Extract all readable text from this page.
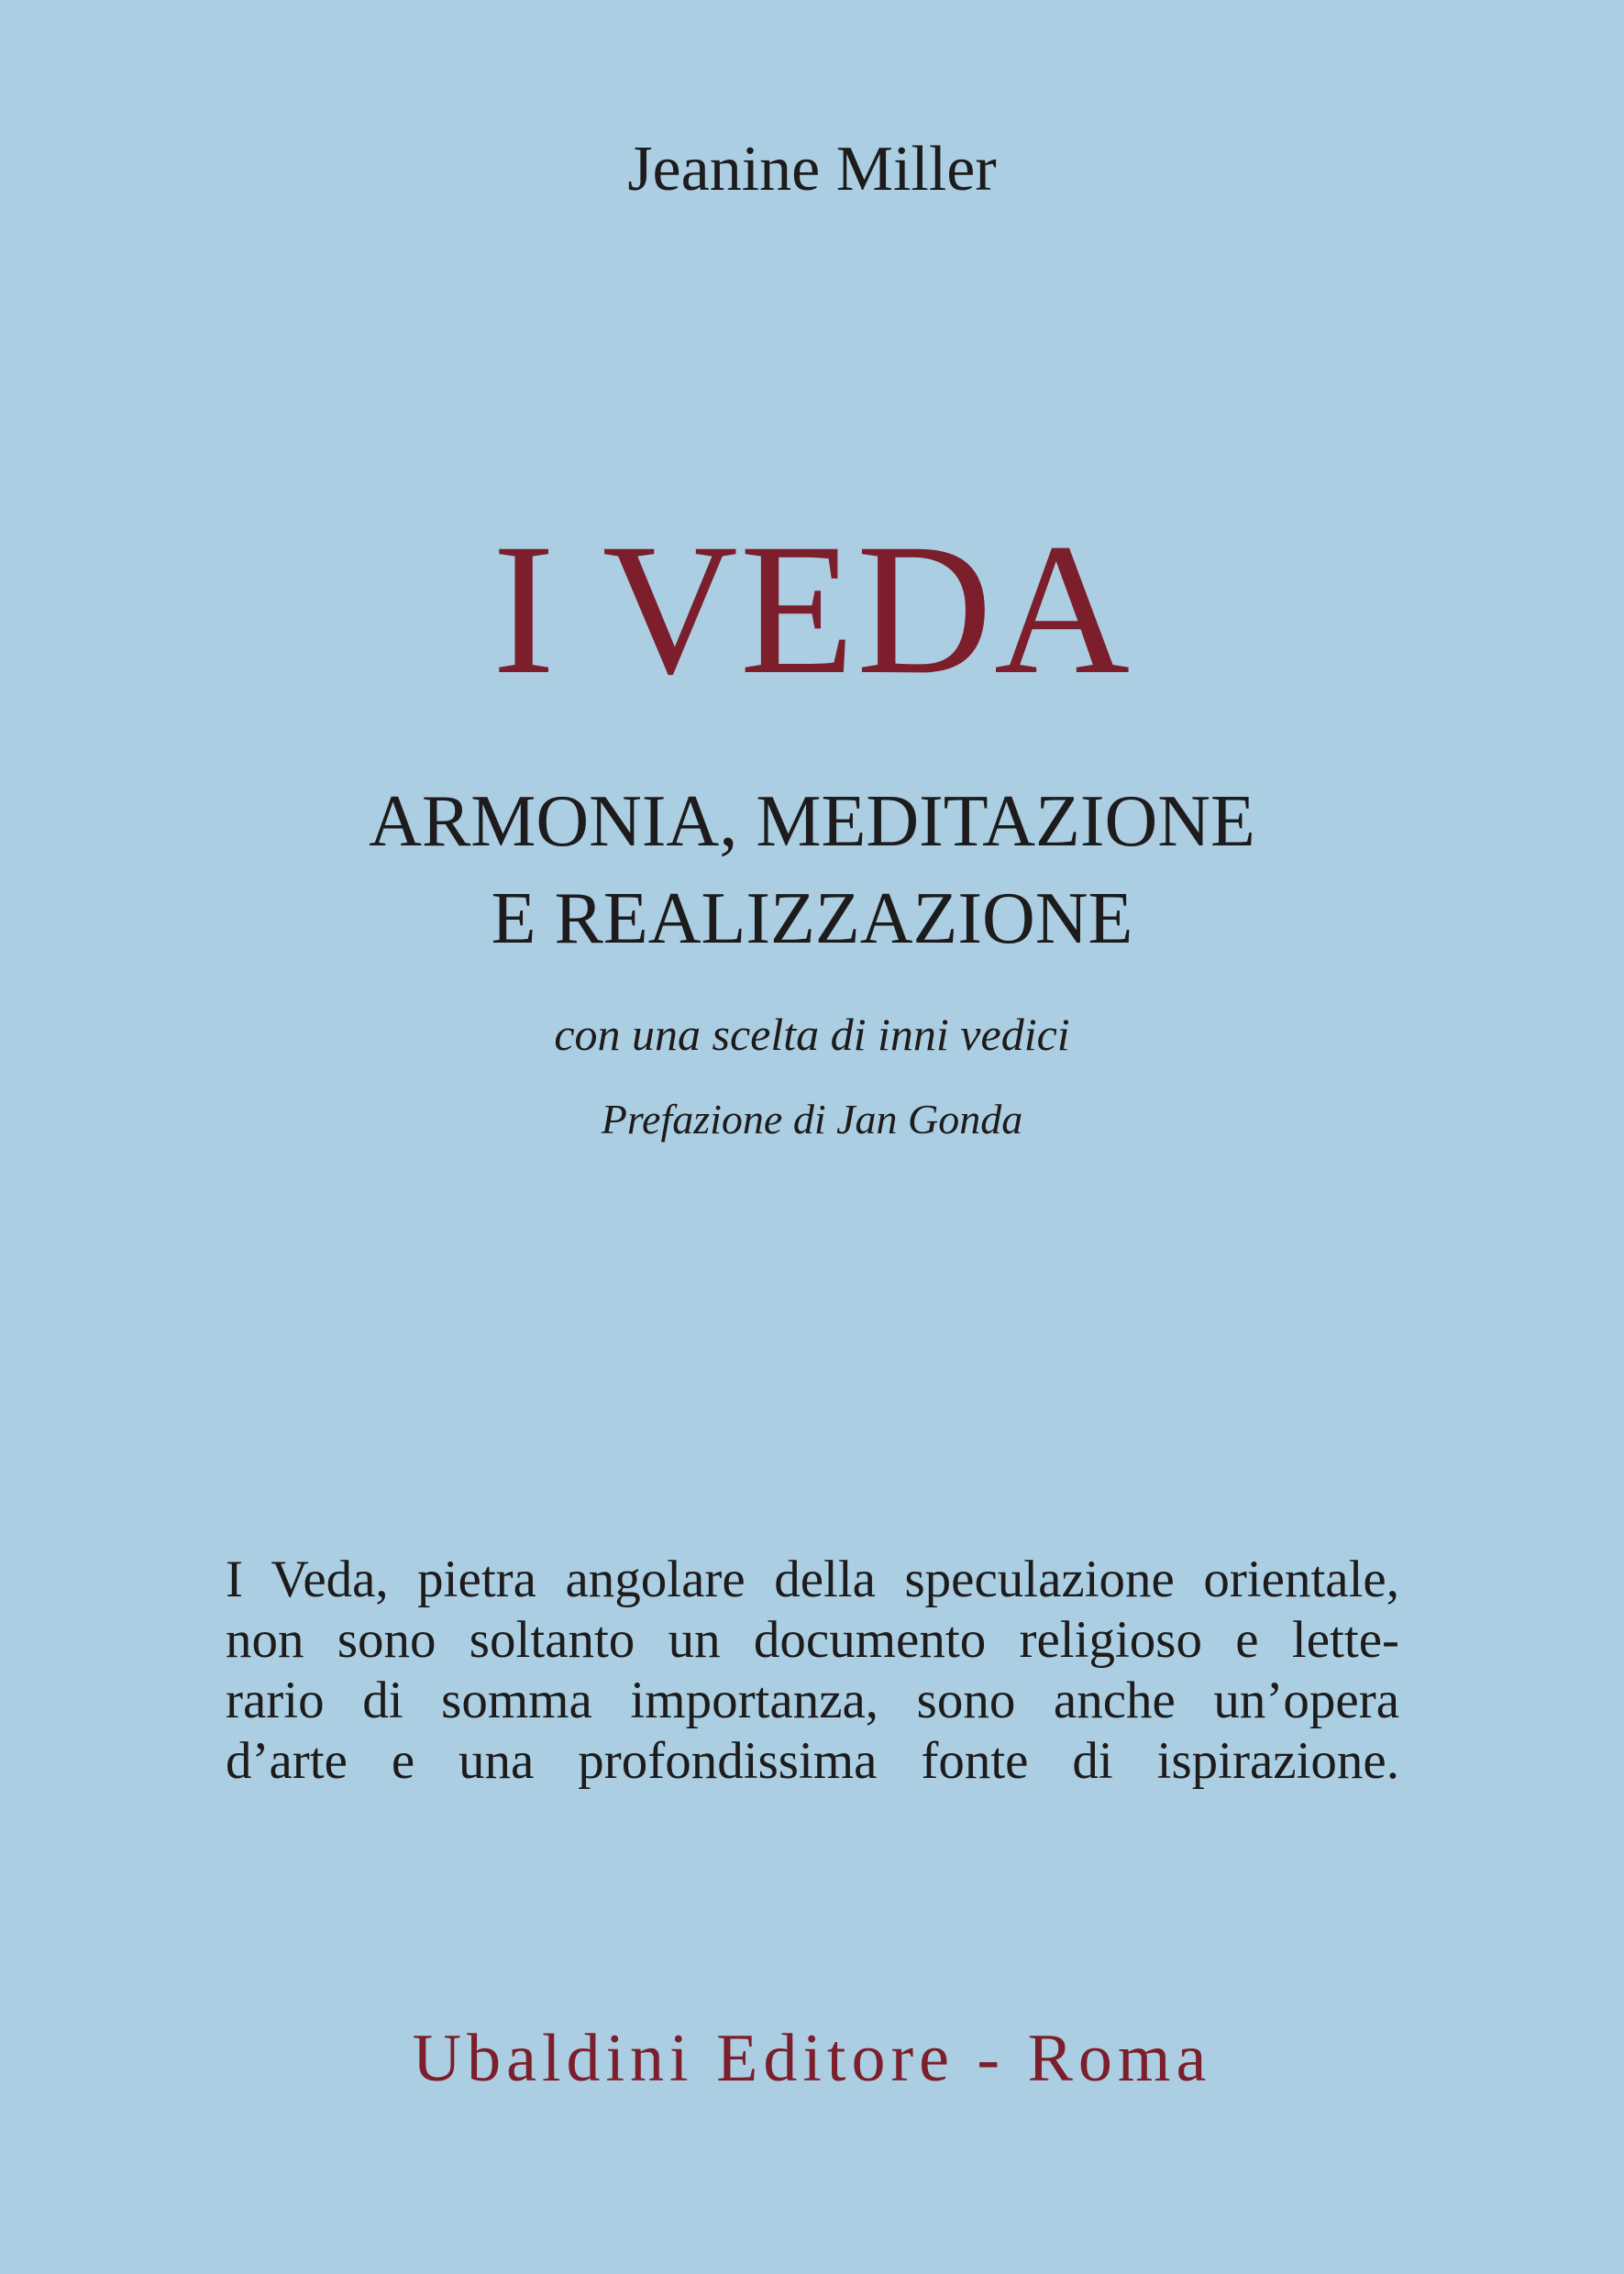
Jeanine Miller
I VEDA
ARMONIA, MEDITAZIONE
E REALIZZAZIONE
con una scelta di inni vedici
Prefazione di Jan Gonda
I Veda, pietra angolare della speculazione orientale,
non sono soltanto un documento religioso e lette-
rario di somma importanza, sono anche un’opera
d’arte e una profondissima fonte di ispirazione.
Ubaldini Editore - Roma
